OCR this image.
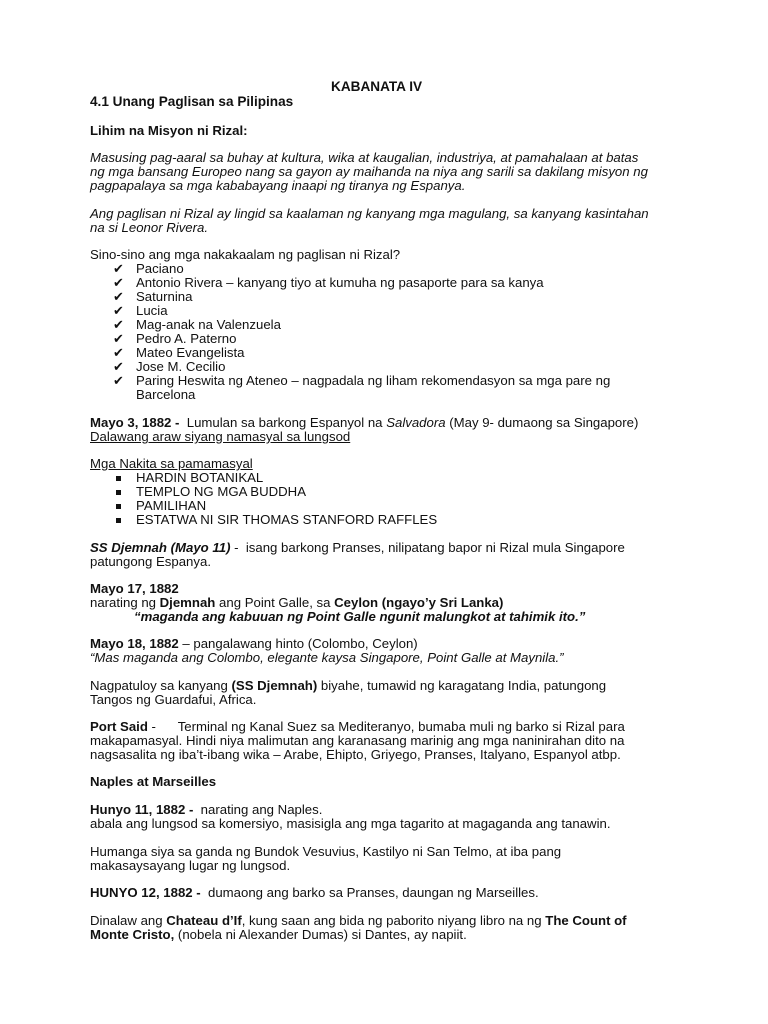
KABANATA IV
4.1 Unang Paglisan sa Pilipinas
Lihim na Misyon ni Rizal:
Masusing pag-aaral sa buhay at kultura, wika at kaugalian, industriya, at pamahalaan at batas
ng mga bansang Europeo nang sa gayon ay maihanda na niya ang sarili sa dakilang misyon ng
pagpapalaya sa mga kababayang inaapi ng tiranya ng Espanya.
Ang paglisan ni Rizal ay lingid sa kaalaman ng kanyang mga magulang, sa kanyang kasintahan
na si Leonor Rivera.
Sino-sino ang mga nakakaalam ng paglisan ni Rizal?
✔ Paciano
✔ Antonio Rivera – kanyang tiyo at kumuha ng pasaporte para sa kanya
✔ Saturnina
✔ Lucia
✔ Mag-anak na Valenzuela
✔ Pedro A. Paterno
✔ Mateo Evangelista
✔ Jose M. Cecilio
✔ Paring Heswita ng Ateneo – nagpadala ng liham rekomendasyon sa mga pare ng
Barcelona
Mayo 3, 1882 -  Lumulan sa barkong Espanyol na Salvadora (May 9- dumaong sa Singapore)
Dalawang araw siyang namasyal sa lungsod
Mga Nakita sa pamamasyal
HARDIN BOTANIKAL
TEMPLO NG MGA BUDDHA
PAMILIHAN
ESTATWA NI SIR THOMAS STANFORD RAFFLES
SS Djemnah (Mayo 11) -  isang barkong Pranses, nilipatang bapor ni Rizal mula Singapore
patungong Espanya.
Mayo 17, 1882
narating ng Djemnah ang Point Galle, sa Ceylon (ngayo’y Sri Lanka)
“maganda ang kabuuan ng Point Galle ngunit malungkot at tahimik ito.”
Mayo 18, 1882 – pangalawang hinto (Colombo, Ceylon)
“Mas maganda ang Colombo, elegante kaysa Singapore, Point Galle at Maynila.”
Nagpatuloy sa kanyang (SS Djemnah) biyahe, tumawid ng karagatang India, patungong
Tangos ng Guardafui, Africa.
Port Said -      Terminal ng Kanal Suez sa Mediteranyo, bumaba muli ng barko si Rizal para
makapamasyal. Hindi niya malimutan ang karanasang marinig ang mga naninirahan dito na
nagsasalita ng iba’t-ibang wika – Arabe, Ehipto, Griyego, Pranses, Italyano, Espanyol atbp.
Naples at Marseilles
Hunyo 11, 1882 -  narating ang Naples.
abala ang lungsod sa komersiyo, masisigla ang mga tagarito at magaganda ang tanawin.
Humanga siya sa ganda ng Bundok Vesuvius, Kastilyo ni San Telmo, at iba pang
makasaysayang lugar ng lungsod.
HUNYO 12, 1882 -  dumaong ang barko sa Pranses, daungan ng Marseilles.
Dinalaw ang Chateau d’If, kung saan ang bida ng paborito niyang libro na ng The Count of
Monte Cristo, (nobela ni Alexander Dumas) si Dantes, ay napiit.
